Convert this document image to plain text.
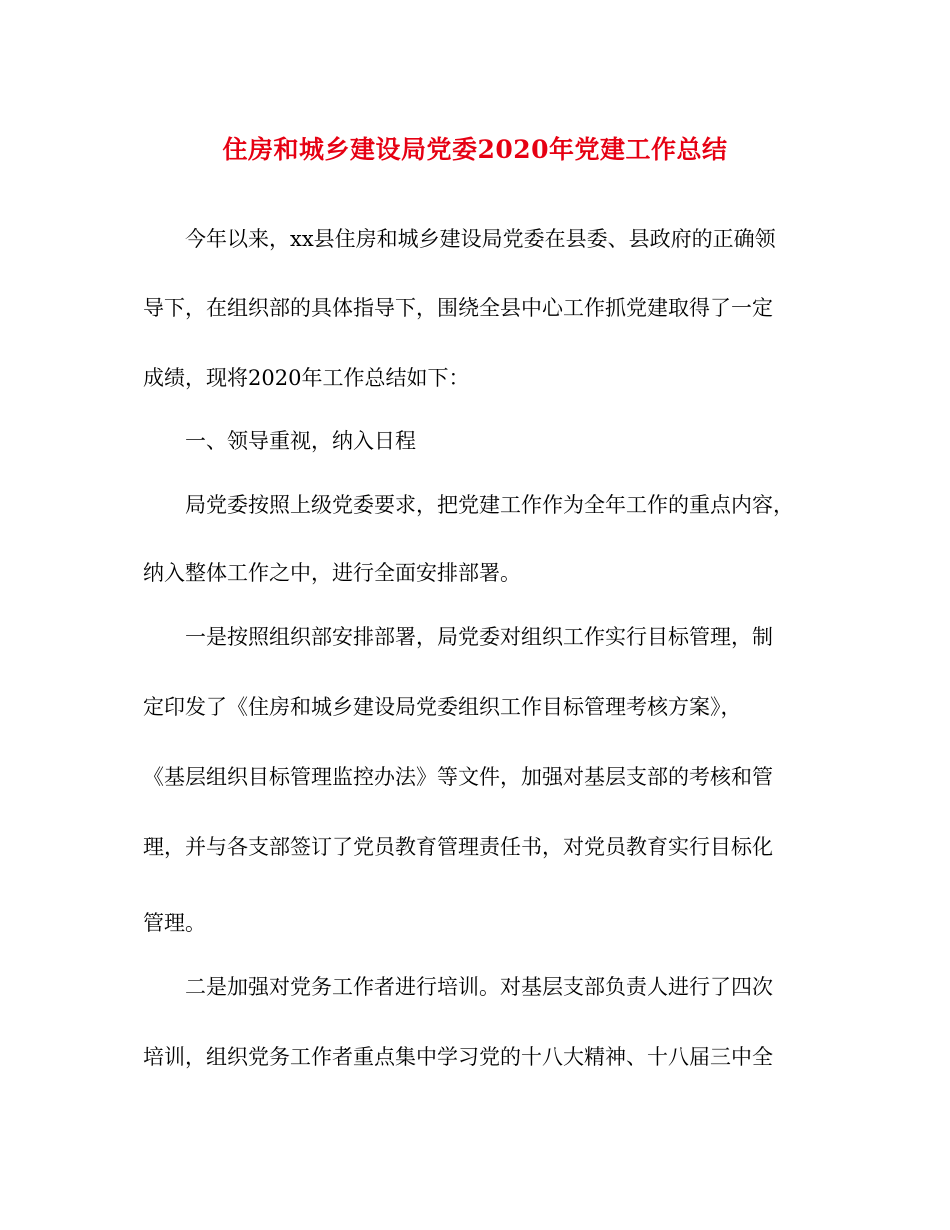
住房和城乡建设局党委2020年党建工作总结
今年以来，xx县住房和城乡建设局党委在县委、县政府的正确领
导下，在组织部的具体指导下，围绕全县中心工作抓党建取得了一定
成绩，现将2020年工作总结如下：
一、领导重视，纳入日程
局党委按照上级党委要求，把党建工作作为全年工作的重点内容，
纳入整体工作之中，进行全面安排部署。
一是按照组织部安排部署，局党委对组织工作实行目标管理，制
定印发了《住房和城乡建设局党委组织工作目标管理考核方案》，
《基层组织目标管理监控办法》等文件，加强对基层支部的考核和管
理，并与各支部签订了党员教育管理责任书，对党员教育实行目标化
管理。
二是加强对党务工作者进行培训。对基层支部负责人进行了四次
培训，组织党务工作者重点集中学习党的十八大精神、十八届三中全
